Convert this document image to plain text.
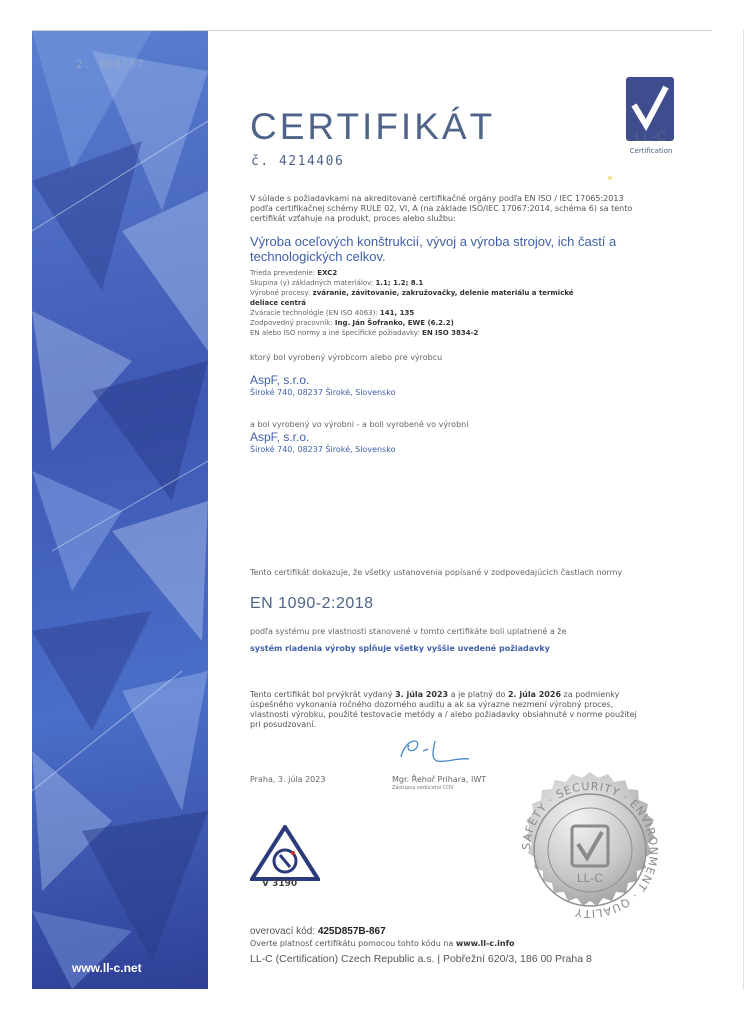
www.ll-c.net
2. 008157
LL-C
Certification
CERTIFIKÁT
č. 4214406
V súlade s požiadavkami na akreditované certifikačné orgány podľa EN ISO / IEC 17065:2013 podľa certifikačnej schémy RULE 02, VI, A (na základe ISO/IEC 17067:2014, schéma 6) sa tento certifikát vzťahuje na produkt, proces alebo službu:
Výroba oceľových konštrukcií, vývoj a výroba strojov, ich častí a technologických celkov.
Trieda prevedenie: EXC2
Skupina (y) základných materiálov: 1.1; 1.2; 8.1
Výrobné procesy: zváranie, závitovanie, zakružovačky, delenie materiálu a termické
deliace centrá
Zváracie technológie (EN ISO 4063): 141, 135
Zodpovedný pracovník: Ing. Ján Šofranko, EWE (6.2.2)
EN alebo ISO normy a iné špecifické požiadavky: EN ISO 3834-2
ktorý bol vyrobený výrobcom alebo pre výrobcu
AspF, s.r.o.
Široké 740, 08237 Široké, Slovensko
a bol vyrobený vo výrobni - a boli vyrobené vo výrobni
AspF, s.r.o.
Široké 740, 08237 Široké, Slovensko
Tento certifikát dokazuje, že všetky ustanovenia popísané v zodpovedajúcich častiach normy
EN 1090-2:2018
podľa systému pre vlastnosti stanovené v tomto certifikáte boli uplatnené a že
systém riadenia výroby spĺňuje všetky vyššie uvedené požiadavky
Tento certifikát bol prvýkrát vydaný 3. júla 2023 a je platný do 2. júla 2026 za podmienky úspešného vykonania ročného dozorného auditu a ak sa výrazne nezmení výrobný proces, vlastnosti výrobku, použité testovacie metódy a / alebo požiadavky obsiahnuté v norme použitej pri posudzovaní.
Praha, 3. júla 2023	Mgr. Řehoř Prihara, IWT
Zástupca vedúceho COV
V 3190
SAFETY · SECURITY · ENVIRONMENT · QUALITY
LL-C
overovací kód: 425D857B-867
Overte platnosť certifikátu pomocou tohto kódu na www.ll-c.info
LL-C (Certification) Czech Republic a.s. | Pobřežní 620/3, 186 00 Praha 8
